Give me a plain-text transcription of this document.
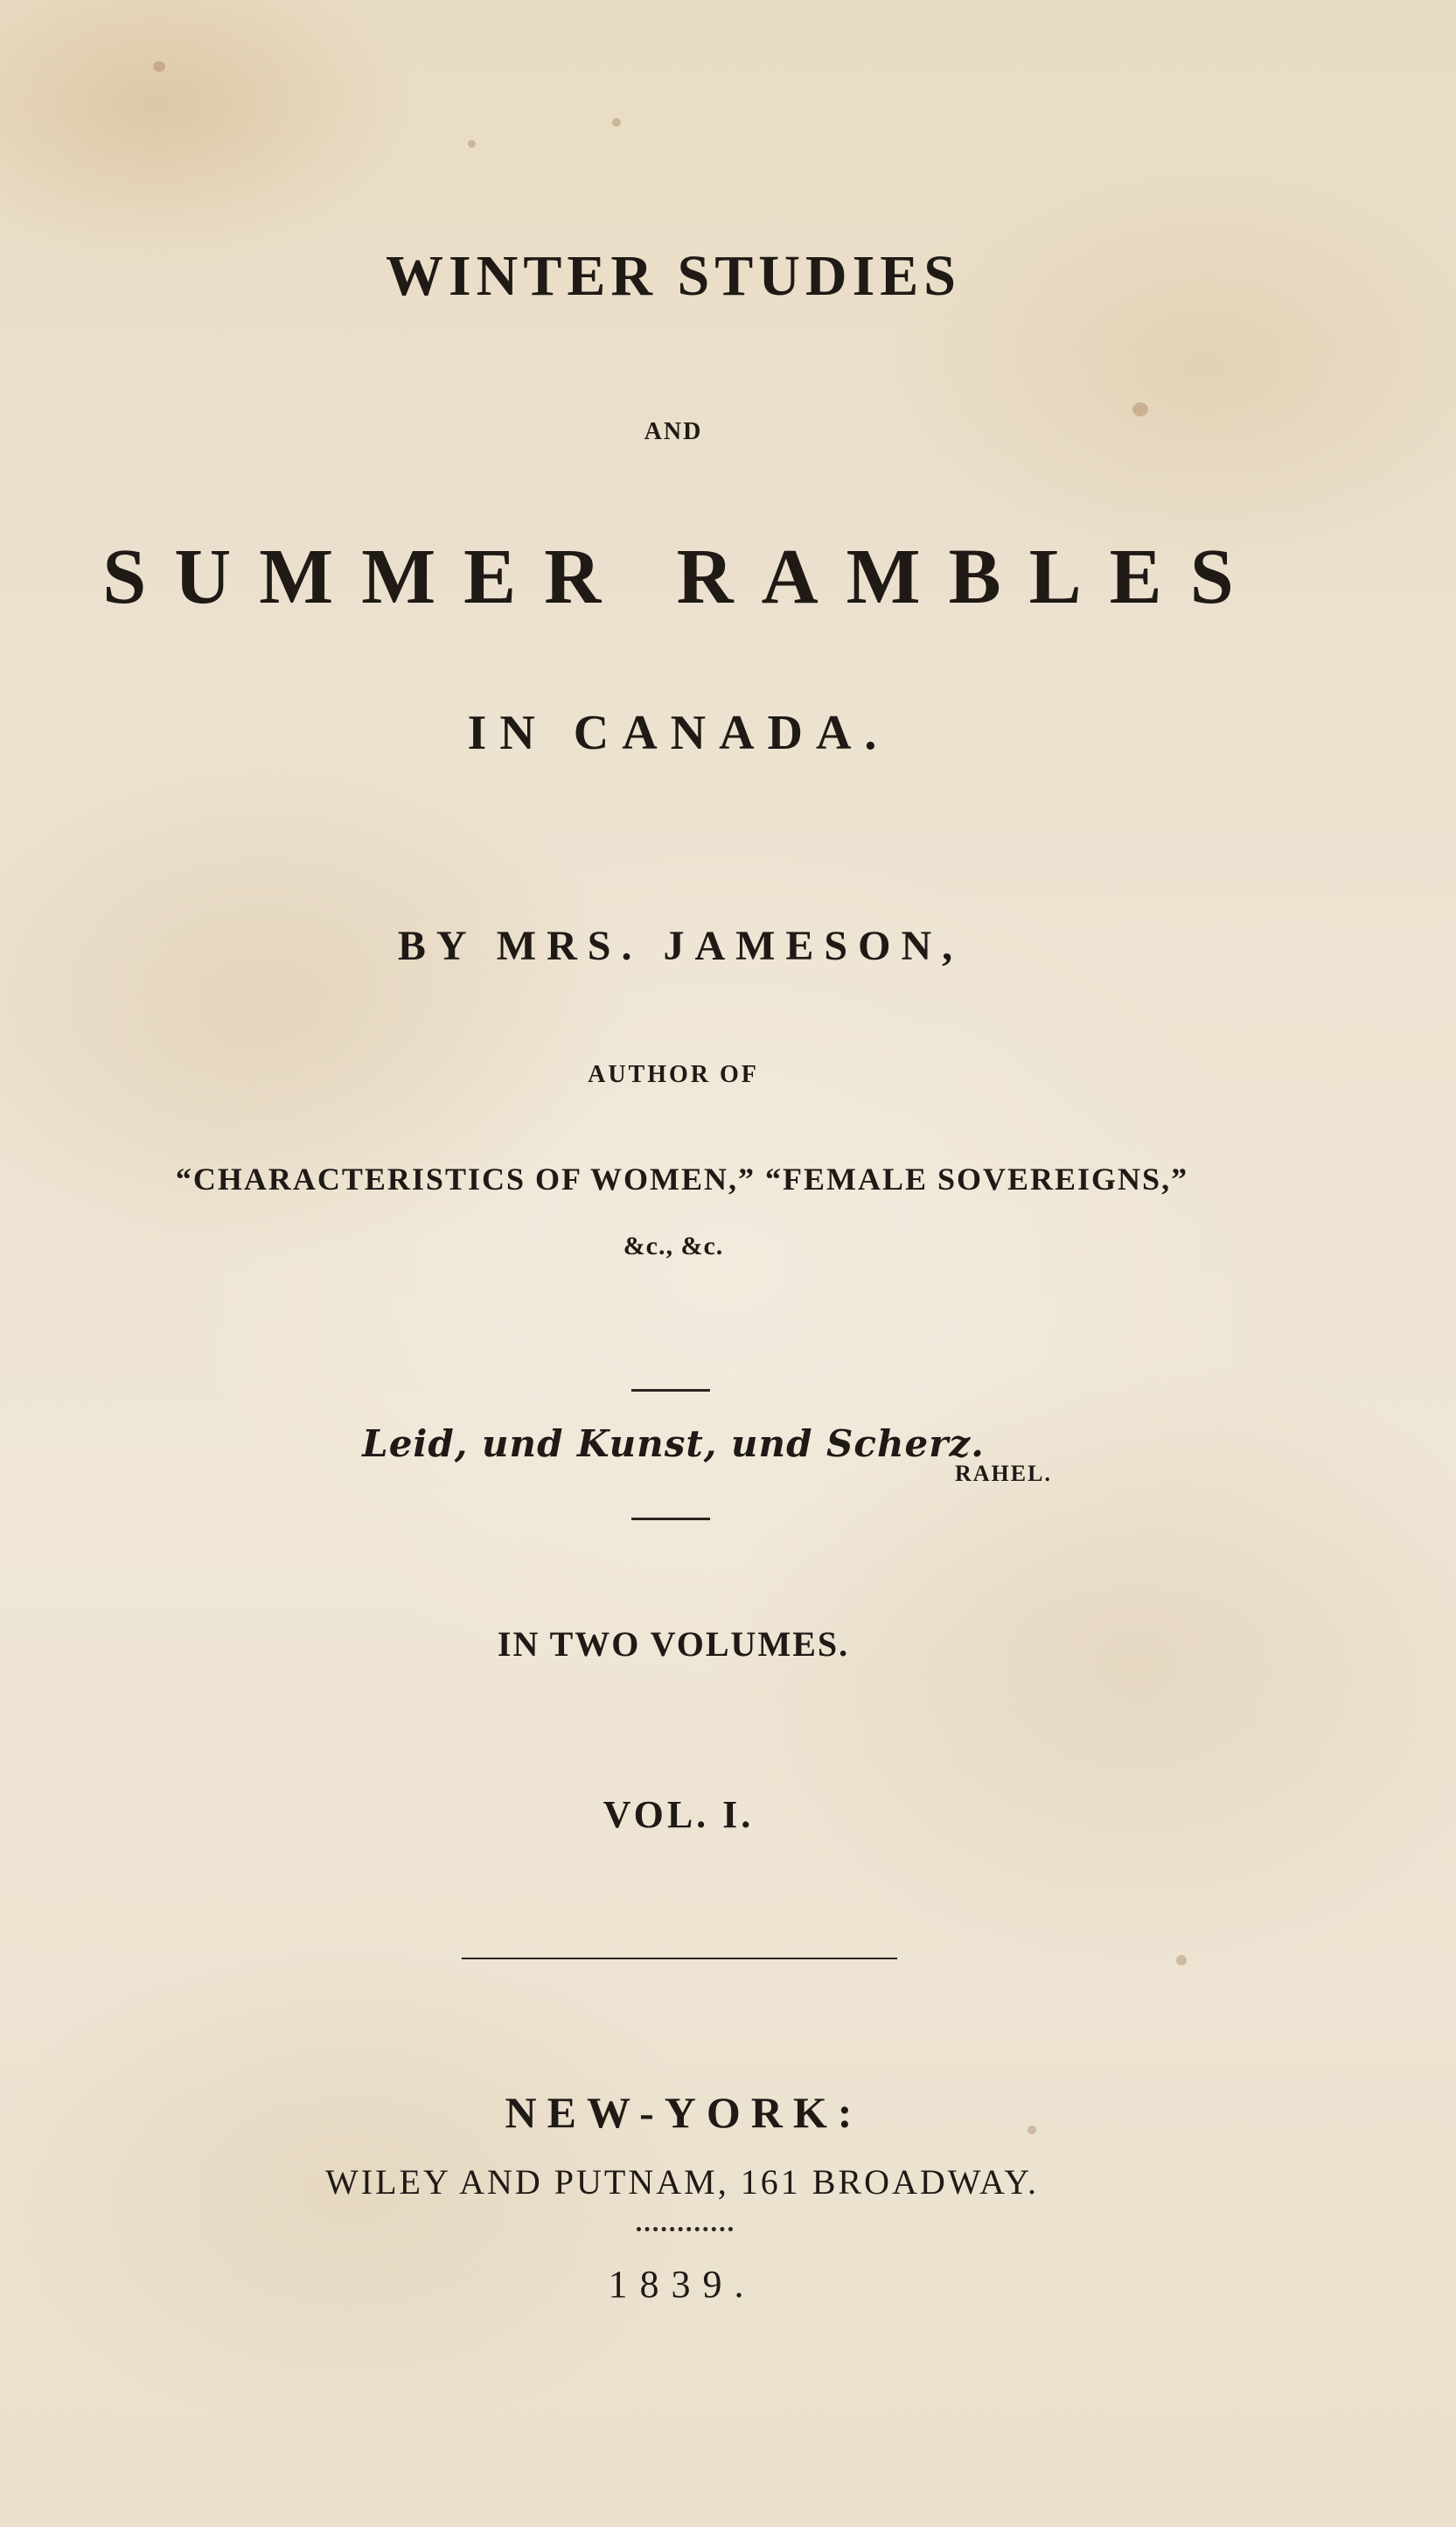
WINTER STUDIES
AND
SUMMER RAMBLES
IN CANADA.
BY MRS. JAMESON,
AUTHOR OF
“CHARACTERISTICS OF WOMEN,” “FEMALE SOVEREIGNS,”
&c., &c.
Leid, und Kunst, und Scherz.
RAHEL.
IN TWO VOLUMES.
VOL. I.
NEW-YORK:
WILEY AND PUTNAM, 161 BROADWAY.
1839.
